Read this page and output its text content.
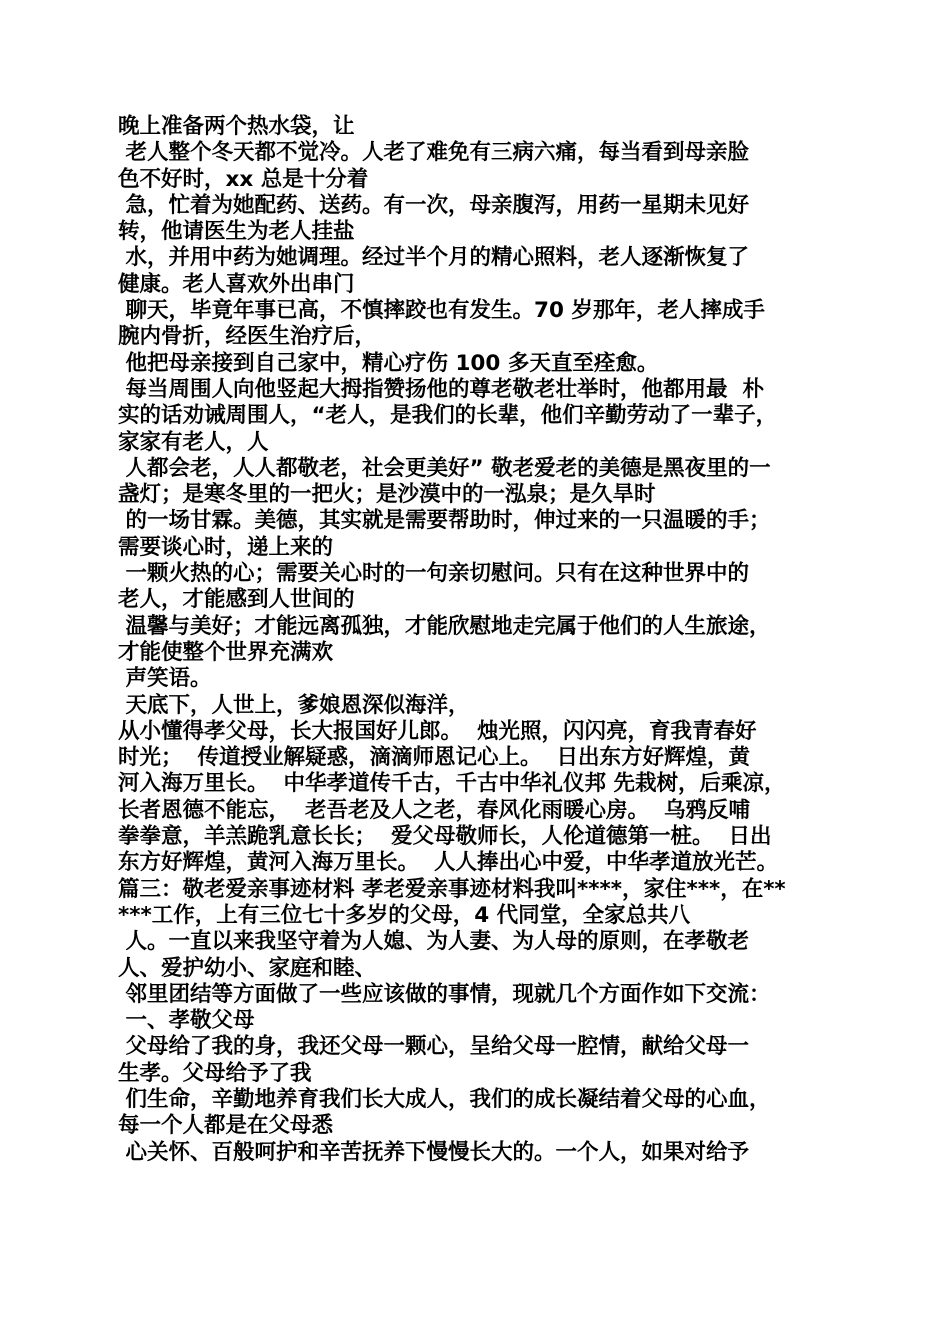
晚上准备两个热水袋，让
老人整个冬天都不觉冷。人老了难免有三病六痛，每当看到母亲脸
色不好时，xx 总是十分着
急，忙着为她配药、送药。有一次，母亲腹泻，用药一星期未见好
转，他请医生为老人挂盐
水，并用中药为她调理。经过半个月的精心照料，老人逐渐恢复了
健康。老人喜欢外出串门
聊天，毕竟年事已高，不慎摔跤也有发生。70 岁那年，老人摔成手
腕内骨折，经医生治疗后，
他把母亲接到自己家中，精心疗伤 100 多天直至痊愈。
每当周围人向他竖起大拇指赞扬他的尊老敬老壮举时，他都用最  朴
实的话劝诫周围人，“老人，是我们的长辈，他们辛勤劳动了一辈子，
家家有老人，人
人都会老，人人都敬老，社会更美好” 敬老爱老的美德是黑夜里的一
盏灯；是寒冬里的一把火；是沙漠中的一泓泉；是久旱时
的一场甘霖。美德，其实就是需要帮助时，伸过来的一只温暖的手；
需要谈心时，递上来的
一颗火热的心；需要关心时的一句亲切慰问。只有在这种世界中的
老人，才能感到人世间的
温馨与美好；才能远离孤独，才能欣慰地走完属于他们的人生旅途，
才能使整个世界充满欢
声笑语。
天底下，人世上，爹娘恩深似海洋，
从小懂得孝父母，长大报国好儿郎。  烛光照，闪闪亮，育我青春好
时光；  传道授业解疑惑，滴滴师恩记心上。  日出东方好辉煌，黄
河入海万里长。  中华孝道传千古，千古中华礼仪邦 先栽树，后乘凉，
长者恩德不能忘，  老吾老及人之老，春风化雨暖心房。  乌鸦反哺
拳拳意，羊羔跪乳意长长；  爱父母敬师长，人伦道德第一桩。  日出
东方好辉煌，黄河入海万里长。  人人捧出心中爱，中华孝道放光芒。
篇三：敬老爱亲事迹材料 孝老爱亲事迹材料我叫****，家住***，在**
***工作，上有三位七十多岁的父母，4 代同堂，全家总共八
人。一直以来我坚守着为人媳、为人妻、为人母的原则，在孝敬老
人、爱护幼小、家庭和睦、
邻里团结等方面做了一些应该做的事情，现就几个方面作如下交流：
一、孝敬父母
父母给了我的身，我还父母一颗心，呈给父母一腔情，献给父母一
生孝。父母给予了我
们生命，辛勤地养育我们长大成人，我们的成长凝结着父母的心血，
每一个人都是在父母悉
心关怀、百般呵护和辛苦抚养下慢慢长大的。一个人，如果对给予
